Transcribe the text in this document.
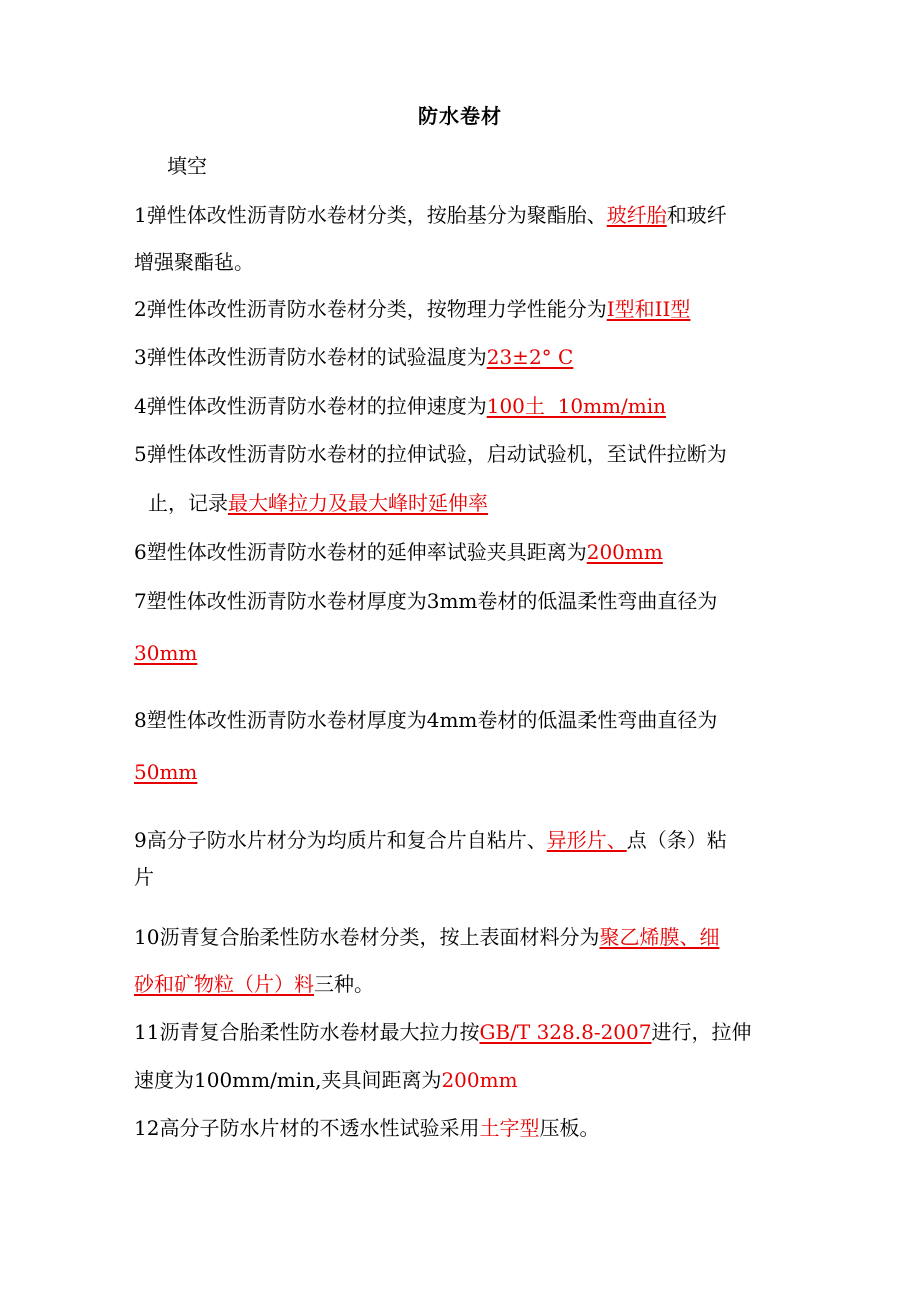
防水卷材
填空
1弹性体改性沥青防水卷材分类，按胎基分为聚酯胎、玻纤胎和玻纤
增强聚酯毡。
2弹性体改性沥青防水卷材分类，按物理力学性能分为I型和II型
3弹性体改性沥青防水卷材的试验温度为23±2° C
4弹性体改性沥青防水卷材的拉伸速度为100土  10mm/min
5弹性体改性沥青防水卷材的拉伸试验，启动试验机，至试件拉断为
止，记录最大峰拉力及最大峰时延伸率
6塑性体改性沥青防水卷材的延伸率试验夹具距离为200mm
7塑性体改性沥青防水卷材厚度为3mm卷材的低温柔性弯曲直径为
30mm
8塑性体改性沥青防水卷材厚度为4mm卷材的低温柔性弯曲直径为
50mm
9高分子防水片材分为均质片和复合片自粘片、异形片、点（条）粘
片
10沥青复合胎柔性防水卷材分类，按上表面材料分为聚乙烯膜、细
砂和矿物粒（片）料三种。
11沥青复合胎柔性防水卷材最大拉力按GB/T 328.8-2007进行，拉伸
速度为100mm/min,夹具间距离为200mm
12高分子防水片材的不透水性试验采用土字型压板。
